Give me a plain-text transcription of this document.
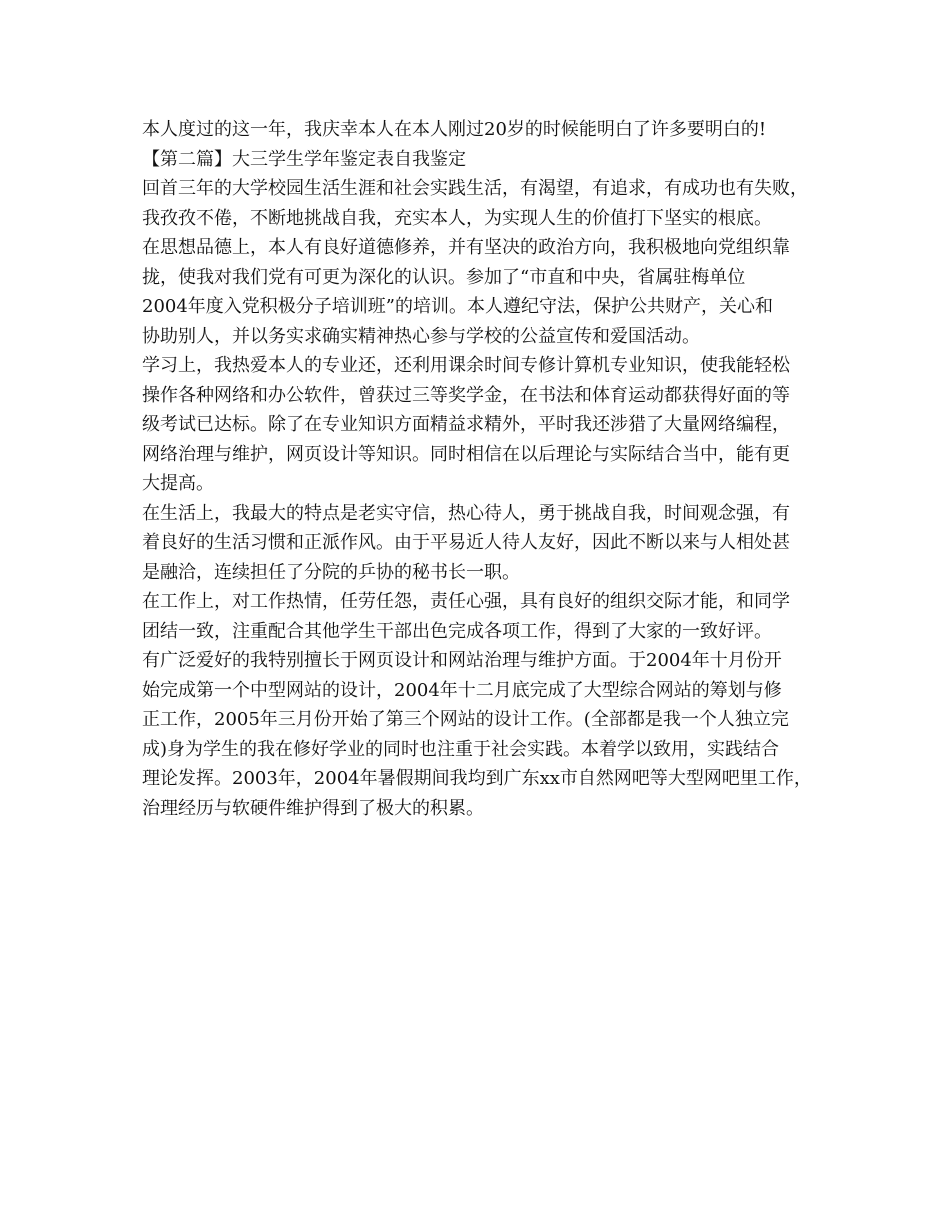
本人度过的这一年，我庆幸本人在本人刚过20岁的时候能明白了许多要明白的!
【第二篇】大三学生学年鉴定表自我鉴定
回首三年的大学校园生活生涯和社会实践生活，有渴望，有追求，有成功也有失败，
我孜孜不倦，不断地挑战自我，充实本人，为实现人生的价值打下坚实的根底。
在思想品德上，本人有良好道德修养，并有坚决的政治方向，我积极地向党组织靠
拢，使我对我们党有可更为深化的认识。参加了“市直和中央，省属驻梅单位
2004年度入党积极分子培训班”的培训。本人遵纪守法，保护公共财产，关心和
协助别人，并以务实求确实精神热心参与学校的公益宣传和爱国活动。
学习上，我热爱本人的专业还，还利用课余时间专修计算机专业知识，使我能轻松
操作各种网络和办公软件，曾获过三等奖学金，在书法和体育运动都获得好面的等
级考试已达标。除了在专业知识方面精益求精外，平时我还涉猎了大量网络编程，
网络治理与维护，网页设计等知识。同时相信在以后理论与实际结合当中，能有更
大提高。
在生活上，我最大的特点是老实守信，热心待人，勇于挑战自我，时间观念强，有
着良好的生活习惯和正派作风。由于平易近人待人友好，因此不断以来与人相处甚
是融洽，连续担任了分院的乒协的秘书长一职。
在工作上，对工作热情，任劳任怨，责任心强，具有良好的组织交际才能，和同学
团结一致，注重配合其他学生干部出色完成各项工作，得到了大家的一致好评。
有广泛爱好的我特别擅长于网页设计和网站治理与维护方面。于2004年十月份开
始完成第一个中型网站的设计，2004年十二月底完成了大型综合网站的筹划与修
正工作，2005年三月份开始了第三个网站的设计工作。(全部都是我一个人独立完
成)身为学生的我在修好学业的同时也注重于社会实践。本着学以致用，实践结合
理论发挥。2003年，2004年暑假期间我均到广东xx市自然网吧等大型网吧里工作，
治理经历与软硬件维护得到了极大的积累。
